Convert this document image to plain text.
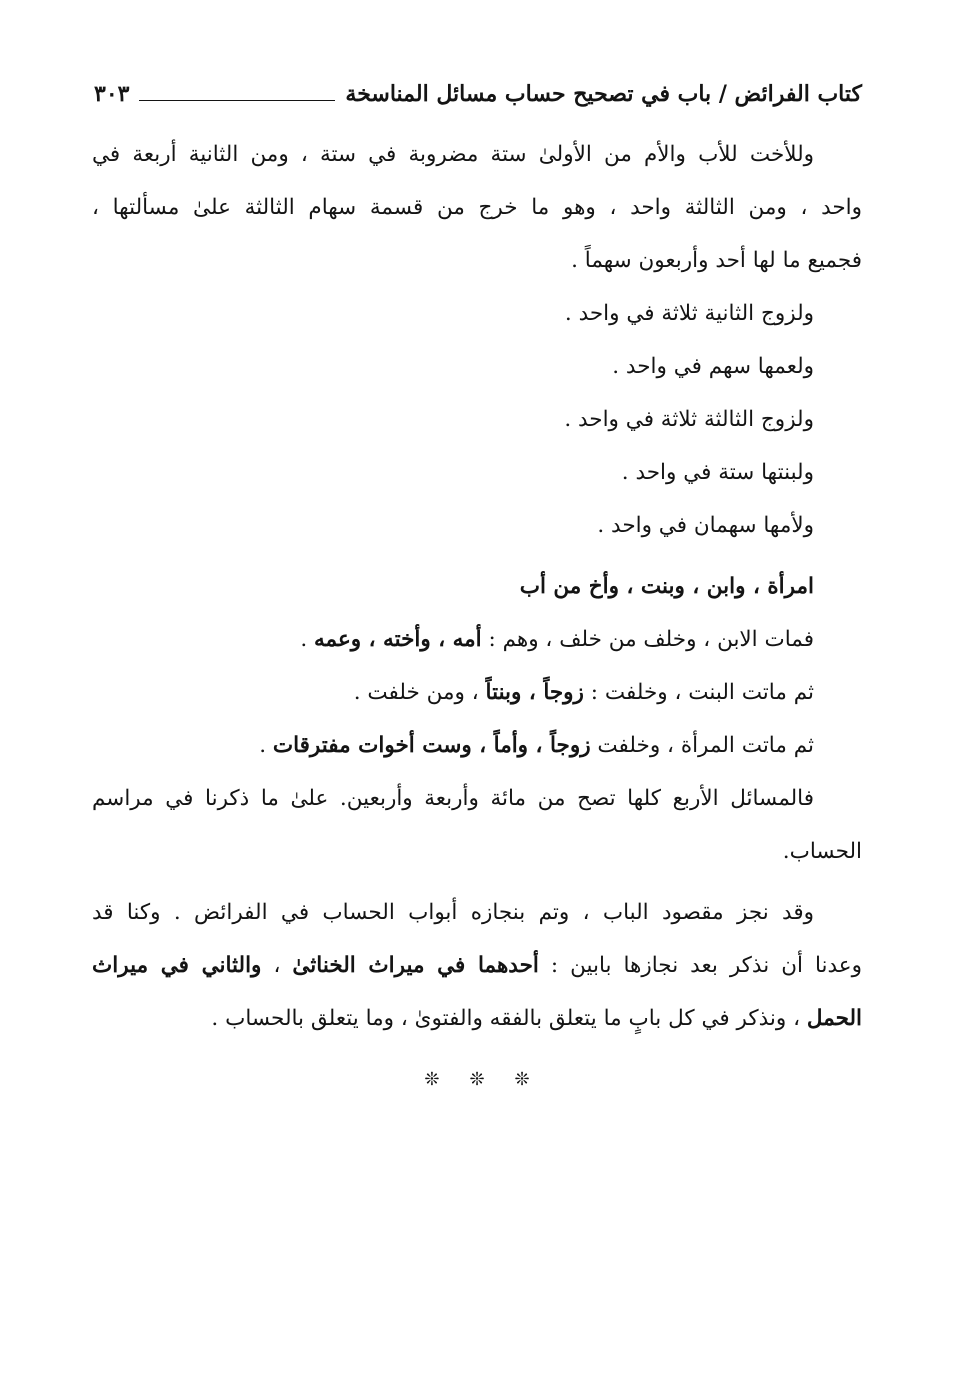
كتاب الفرائض / باب في تصحيح حساب مسائل المناسخة
٣٠٣
وللأخت للأب والأم من الأولىٰ ستة مضروبة في ستة ، ومن الثانية أربعة في
واحد ، ومن الثالثة واحد ، وهو ما خرج من قسمة سهام الثالثة علىٰ مسألتها ،
فجميع ما لها أحد وأربعون سهماً .
ولزوج الثانية ثلاثة في واحد .
ولعمها سهم في واحد .
ولزوج الثالثة ثلاثة في واحد .
ولبنتها ستة في واحد .
ولأمها سهمان في واحد .
امرأة ، وابن ، وبنت ، وأخ من أب
فمات الابن ، وخلف من خلف ، وهم : أمه ، وأخته ، وعمه .
ثم ماتت البنت ، وخلفت : زوجاً ، وبنتاً ، ومن خلفت .
ثم ماتت المرأة ، وخلفت زوجاً ، وأماً ، وست أخوات مفترقات .
فالمسائل الأربع كلها تصح من مائة وأربعة وأربعين. علىٰ ما ذكرنا في مراسم
الحساب.
وقد نجز مقصود الباب ، وتم بنجازه أبواب الحساب في الفرائض . وكنا قد
وعدنا أن نذكر بعد نجازها بابين : أحدهما في ميراث الخناثىٰ ، والثاني في ميراث
الحمل ، ونذكر في كل بابٍ ما يتعلق بالفقه والفتوىٰ ، وما يتعلق بالحساب .
❊ ❊ ❊
